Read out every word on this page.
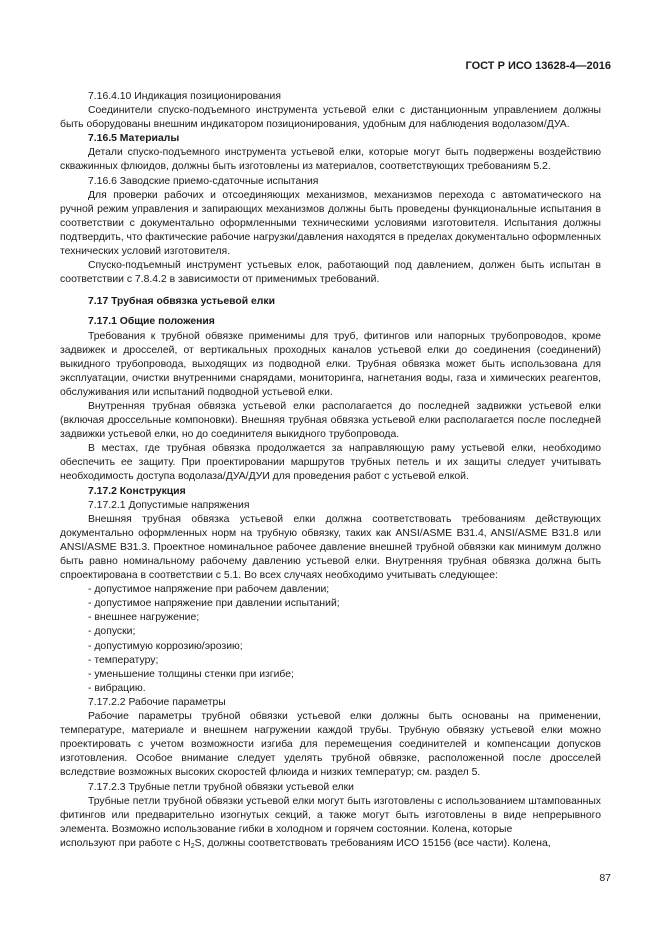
ГОСТ Р ИСО 13628-4—2016

7.16.4.10 Индикация позиционирования

Соединители спуско-подъемного инструмента устьевой елки с дистанционным управлением должны быть оборудованы внешним индикатором позиционирования, удобным для наблюдения водолазом/ДУА.

7.16.5 Материалы

Детали спуско-подъемного инструмента устьевой елки, которые могут быть подвержены воздействию скважинных флюидов, должны быть изготовлены из материалов, соответствующих требованиям 5.2.

7.16.6 Заводские приемо-сдаточные испытания

Для проверки рабочих и отсоединяющих механизмов, механизмов перехода с автоматического на ручной режим управления и запирающих механизмов должны быть проведены функциональные испытания в соответствии с документально оформленными техническими условиями изготовителя. Испытания должны подтвердить, что фактические рабочие нагрузки/давления находятся в пределах документально оформленных технических условий изготовителя.

Спуско-подъемный инструмент устьевых елок, работающий под давлением, должен быть испытан в соответствии с 7.8.4.2 в зависимости от применимых требований.

7.17 Трубная обвязка устьевой елки

7.17.1 Общие положения

Требования к трубной обвязке применимы для труб, фитингов или напорных трубопроводов, кроме задвижек и дросселей, от вертикальных проходных каналов устьевой елки до соединения (соединений) выкидного трубопровода, выходящих из подводной елки. Трубная обвязка может быть использована для эксплуатации, очистки внутренними снарядами, мониторинга, нагнетания воды, газа и химических реагентов, обслуживания или испытаний подводной устьевой елки.

Внутренняя трубная обвязка устьевой елки располагается до последней задвижки устьевой елки (включая дроссельные компоновки). Внешняя трубная обвязка устьевой елки располагается после последней задвижки устьевой елки, но до соединителя выкидного трубопровода.

В местах, где трубная обвязка продолжается за направляющую раму устьевой елки, необходимо обеспечить ее защиту. При проектировании маршрутов трубных петель и их защиты следует учитывать необходимость доступа водолаза/ДУА/ДУИ для проведения работ с устьевой елкой.

7.17.2 Конструкция

7.17.2.1 Допустимые напряжения

Внешняя трубная обвязка устьевой елки должна соответствовать требованиям действующих документально оформленных норм на трубную обвязку, таких как ANSI/ASME B31.4, ANSI/ASME B31.8 или ANSI/ASME B31.3. Проектное номинальное рабочее давление внешней трубной обвязки как минимум должно быть равно номинальному рабочему давлению устьевой елки. Внутренняя трубная обвязка должна быть спроектирована в соответствии с 5.1. Во всех случаях необходимо учитывать следующее:

- допустимое напряжение при рабочем давлении;

- допустимое напряжение при давлении испытаний;

- внешнее нагружение;

- допуски;

- допустимую коррозию/эрозию;

- температуру;

- уменьшение толщины стенки при изгибе;

- вибрацию.

7.17.2.2 Рабочие параметры

Рабочие параметры трубной обвязки устьевой елки должны быть основаны на применении, температуре, материале и внешнем нагружении каждой трубы. Трубную обвязку устьевой елки можно проектировать с учетом возможности изгиба для перемещения соединителей и компенсации допусков изготовления. Особое внимание следует уделять трубной обвязке, расположенной после дросселей вследствие возможных высоких скоростей флюида и низких температур; см. раздел 5.

7.17.2.3 Трубные петли трубной обвязки устьевой елки

Трубные петли трубной обвязки устьевой елки могут быть изготовлены с использованием штампованных фитингов или предварительно изогнутых секций, а также могут быть изготовлены в виде непрерывного элемента. Возможно использование гибки в холодном и горячем состоянии. Колена, которые

используют при работе с $H_2S$, должны соответствовать требованиям ИСО 15156 (все части). Колена,

87
